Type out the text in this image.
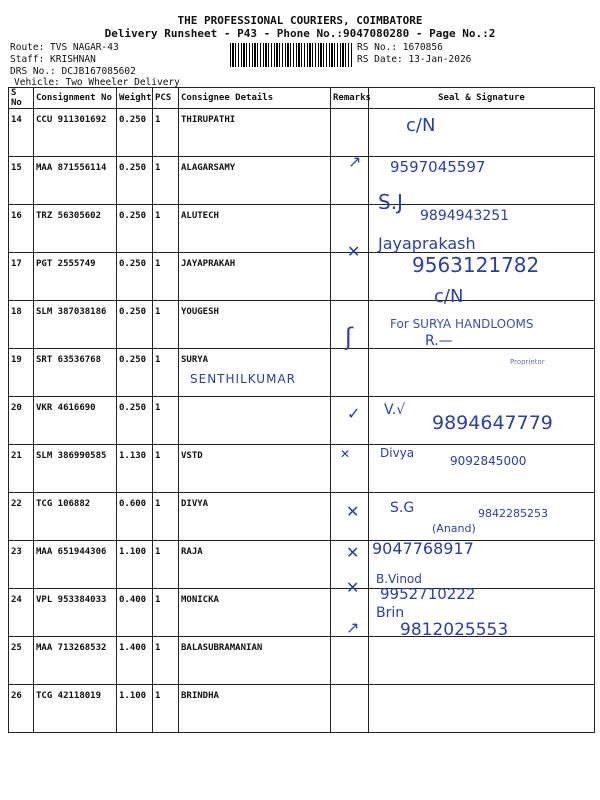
THE PROFESSIONAL COURIERS, COIMBATORE
Delivery Runsheet - P43 - Phone No.:9047080280 - Page No.:2
Route: TVS NAGAR-43
Staff: KRISHNAN
DRS No.: DCJB167085602
Vehicle: Two Wheeler Delivery
RS No.: 1670856
RS Date: 13-Jan-2026
S No	Consignment No	Weight	PCS	Consignee Details	Remarks	Seal & Signature
14	CCU 911301692	0.250	1	THIRUPATHI		
15	MAA 871556114	0.250	1	ALAGARSAMY		
16	TRZ 56305602	0.250	1	ALUTECH		
17	PGT 2555749	0.250	1	JAYAPRAKAH		
18	SLM 387038186	0.250	1	YOUGESH		
19	SRT 63536768	0.250	1	SURYA		
20	VKR 4616690	0.250	1			
21	SLM 386990585	1.130	1	VSTD		
22	TCG 106882	0.600	1	DIVYA		
23	MAA 651944306	1.100	1	RAJA		
24	VPL 953384033	0.400	1	MONICKA		
25	MAA 713268532	1.400	1	BALASUBRAMANIAN		
26	TCG 42118019	1.100	1	BRINDHA		
c/N
9597045597
S.J
9894943251
Jayaprakash
9563121782
c/N
For SURYA HANDLOOMS
R.—
Proprietor
SENTHILKUMAR
V.√
9894647779
Divya
9092845000
S.G	9842285253
(Anand)
9047768917
B.Vinod
9952710222
Brin
9812025553
↗
✕
ʃ
✓
✕
✕
✕
✕
↗
